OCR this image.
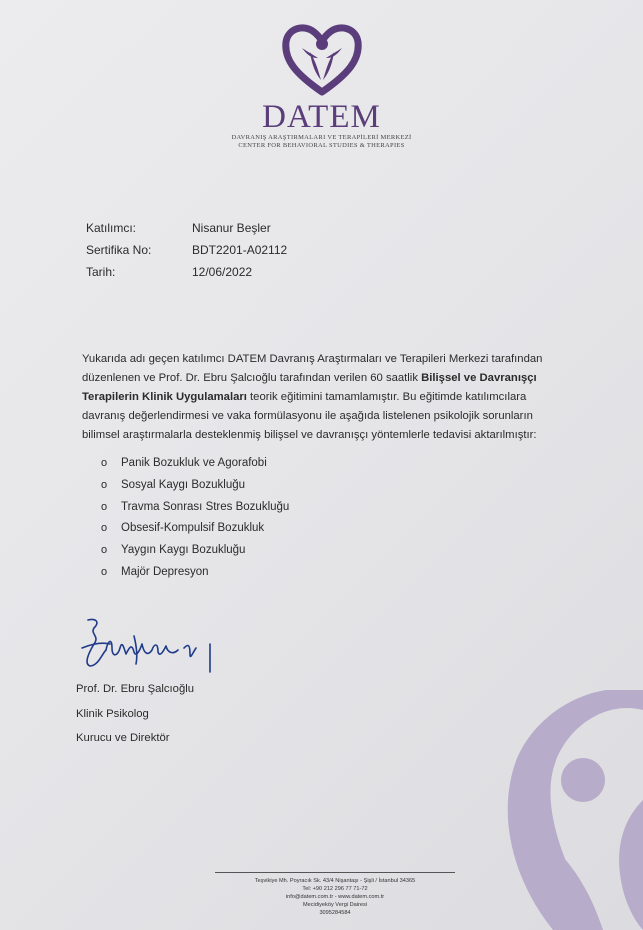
DATEM
DAVRANIŞ ARAŞTIRMALARI VE TERAPİLERİ MERKEZİ
CENTER FOR BEHAVIORAL STUDIES & THERAPIES
Katılımcı:	Nisanur Beşler
Sertifika No:	BDT2201-A02112
Tarih:	12/06/2022
Yukarıda adı geçen katılımcı DATEM Davranış Araştırmaları ve Terapileri Merkezi tarafından düzenlenen ve Prof. Dr. Ebru Şalcıoğlu tarafından verilen 60 saatlik Bilişsel ve Davranışçı Terapilerin Klinik Uygulamaları teorik eğitimini tamamlamıştır. Bu eğitimde katılımcılara davranış değerlendirmesi ve vaka formülasyonu ile aşağıda listelenen psikolojik sorunların bilimsel araştırmalarla desteklenmiş bilişsel ve davranışçı yöntemlerle tedavisi aktarılmıştır:
o Panik Bozukluk ve Agorafobi
o Sosyal Kaygı Bozukluğu
o Travma Sonrası Stres Bozukluğu
o Obsesif-Kompulsif Bozukluk
o Yaygın Kaygı Bozukluğu
o Majör Depresyon
Prof. Dr. Ebru Şalcıoğlu
Klinik Psikolog
Kurucu ve Direktör
Teşvikiye Mh. Poyracık Sk. 43/4 Nişantaşı - Şişli / İstanbul 34365
Tel: +90 212 296 77 71-72
info@datem.com.tr - www.datem.com.tr
Mecidiyeköy Vergi Dairesi
3095284584
